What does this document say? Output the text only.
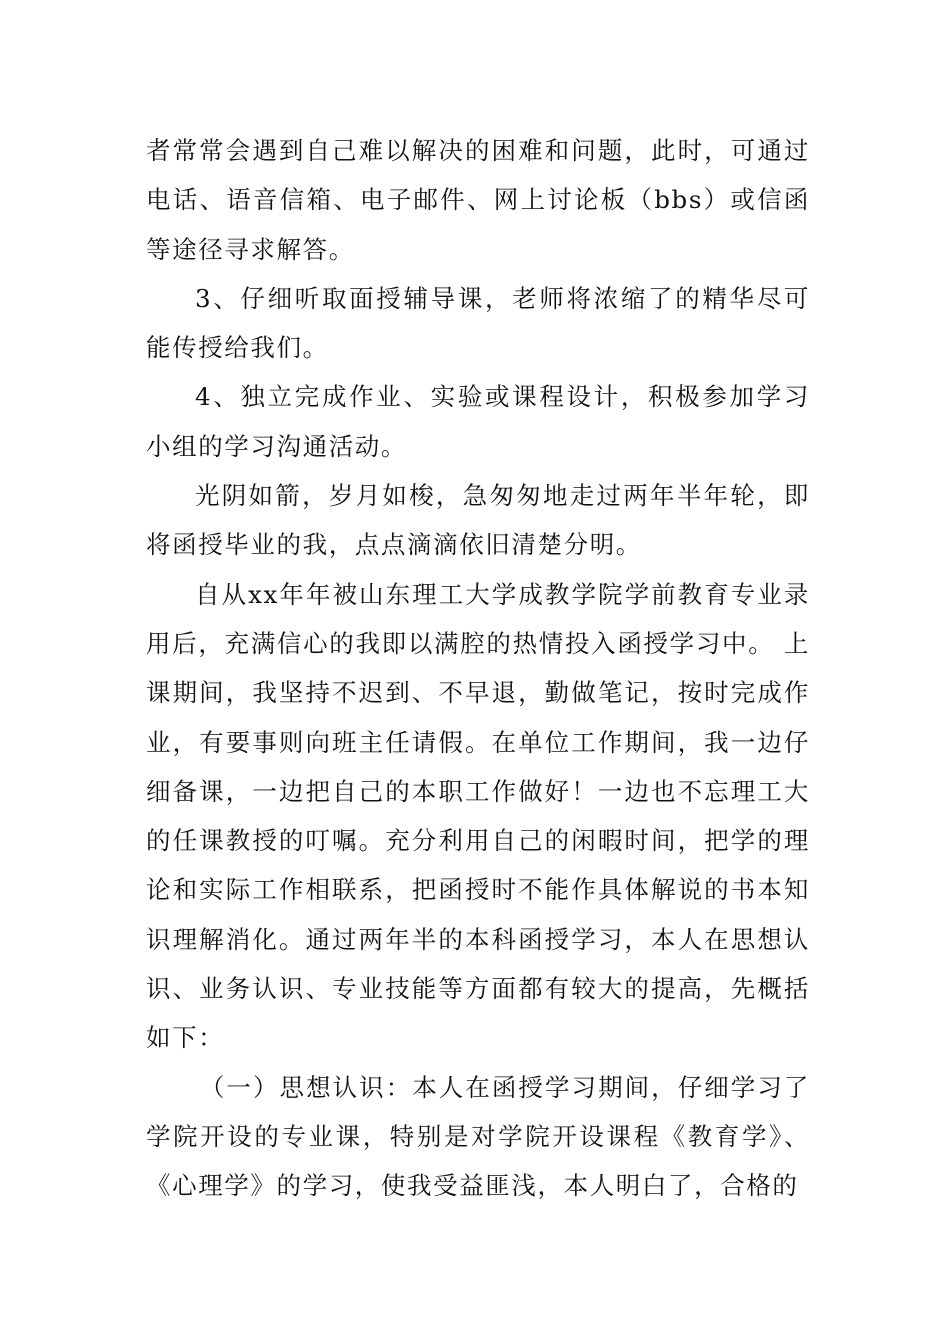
者常常会遇到自己难以解决的困难和问题，此时，可通过电话、语音信箱、电子邮件、网上讨论板（bbs）或信函等途径寻求解答。

3、仔细听取面授辅导课，老师将浓缩了的精华尽可能传授给我们。

4、独立完成作业、实验或课程设计，积极参加学习小组的学习沟通活动。

光阴如箭，岁月如梭，急匆匆地走过两年半年轮，即将函授毕业的我，点点滴滴依旧清楚分明。

自从xx年年被山东理工大学成教学院学前教育专业录用后，充满信心的我即以满腔的热情投入函授学习中。 上课期间，我坚持不迟到、不早退，勤做笔记，按时完成作业，有要事则向班主任请假。在单位工作期间，我一边仔细备课，一边把自己的本职工作做好！一边也不忘理工大的任课教授的叮嘱。充分利用自己的闲暇时间，把学的理论和实际工作相联系，把函授时不能作具体解说的书本知识理解消化。通过两年半的本科函授学习，本人在思想认识、业务认识、专业技能等方面都有较大的提高，先概括如下：

（一）思想认识：本人在函授学习期间，仔细学习了学院开设的专业课，特别是对学院开设课程《教育学》、《心理学》的学习，使我受益匪浅，本人明白了，合格的
